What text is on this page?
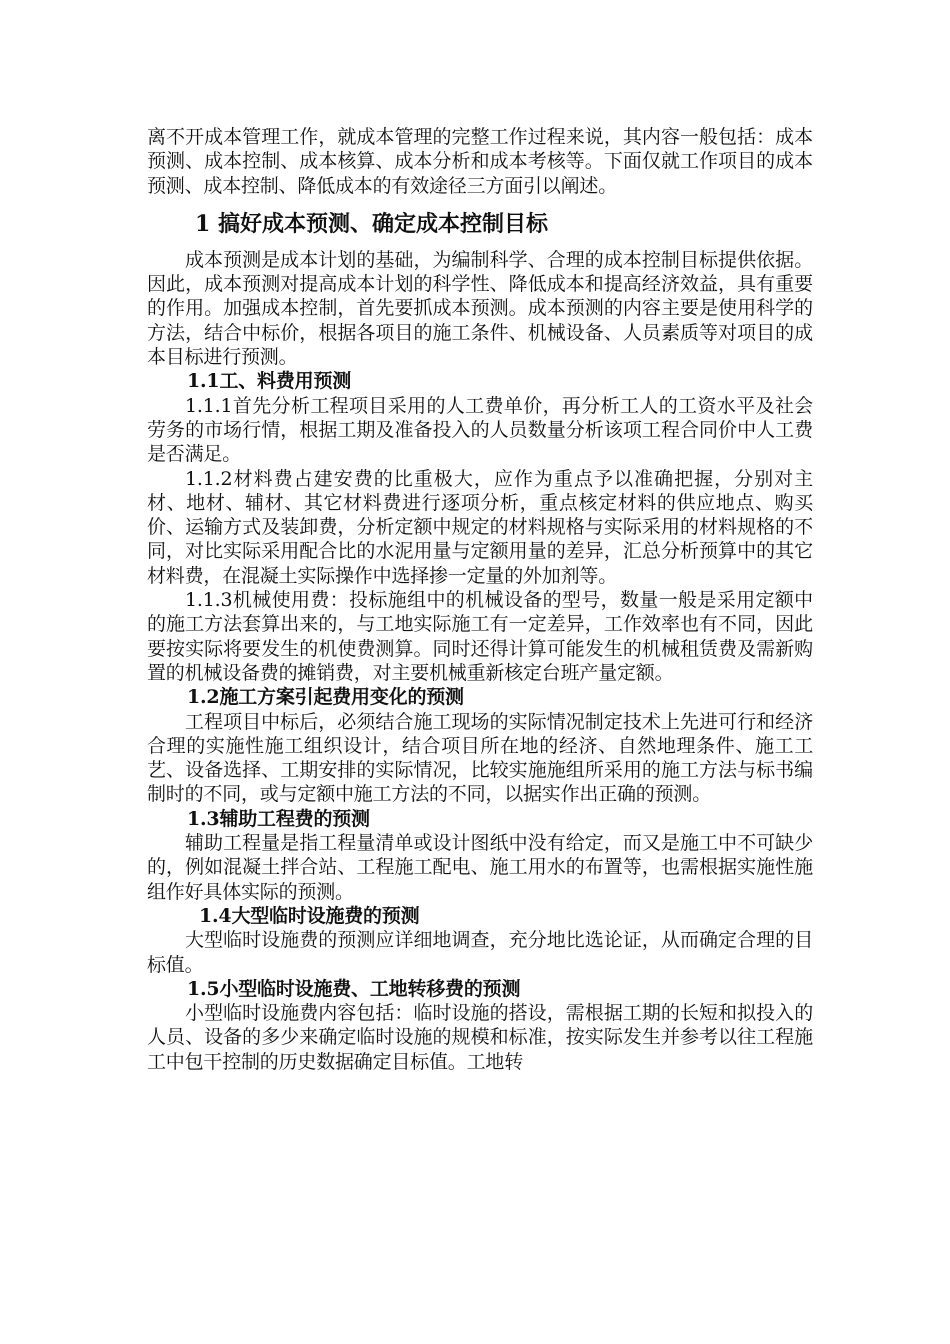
离不开成本管理工作，就成本管理的完整工作过程来说，其内容一般包括：成本预测、成本控制、成本核算、成本分析和成本考核等。下面仅就工作项目的成本预测、成本控制、降低成本的有效途径三方面引以阐述。

1 搞好成本预测、确定成本控制目标

成本预测是成本计划的基础，为编制科学、合理的成本控制目标提供依据。因此，成本预测对提高成本计划的科学性、降低成本和提高经济效益，具有重要的作用。加强成本控制，首先要抓成本预测。成本预测的内容主要是使用科学的方法，结合中标价，根据各项目的施工条件、机械设备、人员素质等对项目的成本目标进行预测。

1.1工、料费用预测

1.1.1首先分析工程项目采用的人工费单价，再分析工人的工资水平及社会劳务的市场行情，根据工期及准备投入的人员数量分析该项工程合同价中人工费是否满足。

1.1.2材料费占建安费的比重极大，应作为重点予以准确把握，分别对主材、地材、辅材、其它材料费进行逐项分析，重点核定材料的供应地点、购买价、运输方式及装卸费，分析定额中规定的材料规格与实际采用的材料规格的不同，对比实际采用配合比的水泥用量与定额用量的差异，汇总分析预算中的其它材料费，在混凝土实际操作中选择掺一定量的外加剂等。

1.1.3机械使用费：投标施组中的机械设备的型号，数量一般是采用定额中的施工方法套算出来的，与工地实际施工有一定差异，工作效率也有不同，因此要按实际将要发生的机使费测算。同时还得计算可能发生的机械租赁费及需新购置的机械设备费的摊销费，对主要机械重新核定台班产量定额。

1.2施工方案引起费用变化的预测

工程项目中标后，必须结合施工现场的实际情况制定技术上先进可行和经济合理的实施性施工组织设计，结合项目所在地的经济、自然地理条件、施工工艺、设备选择、工期安排的实际情况，比较实施施组所采用的施工方法与标书编制时的不同，或与定额中施工方法的不同，以据实作出正确的预测。

1.3辅助工程费的预测

辅助工程量是指工程量清单或设计图纸中没有给定，而又是施工中不可缺少的，例如混凝土拌合站、工程施工配电、施工用水的布置等，也需根据实施性施组作好具体实际的预测。

1.4大型临时设施费的预测

大型临时设施费的预测应详细地调查，充分地比选论证，从而确定合理的目标值。

1.5小型临时设施费、工地转移费的预测

小型临时设施费内容包括：临时设施的搭设，需根据工期的长短和拟投入的人员、设备的多少来确定临时设施的规模和标准，按实际发生并参考以往工程施工中包干控制的历史数据确定目标值。工地转
